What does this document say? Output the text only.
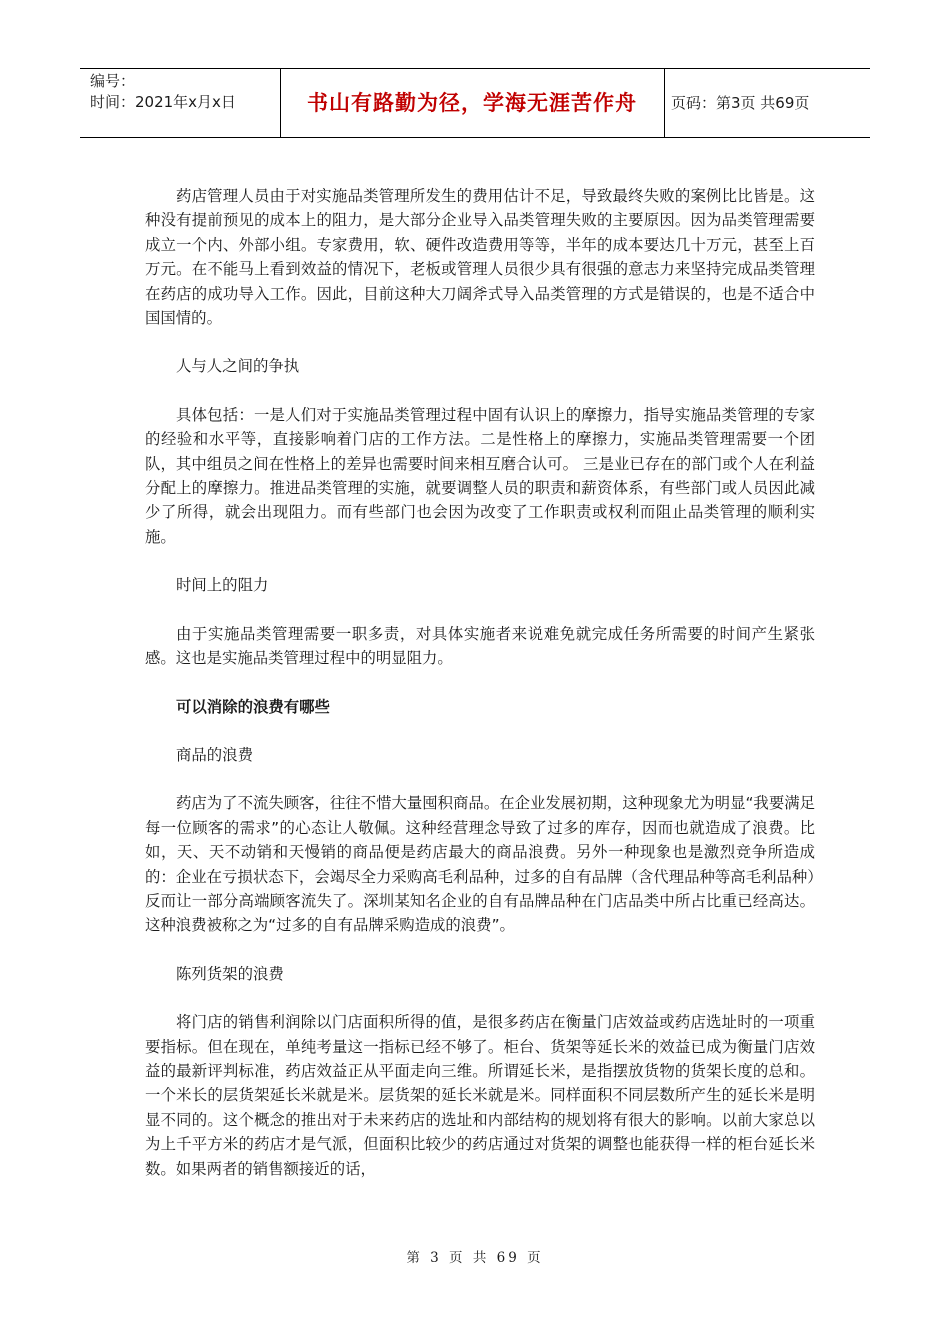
编号：
时间：2021年x月x日	书山有路勤为径，学海无涯苦作舟	页码：第3页 共69页

药店管理人员由于对实施品类管理所发生的费用估计不足，导致最终失败的案例比比皆是。这种没有提前预见的成本上的阻力，是大部分企业导入品类管理失败的主要原因。因为品类管理需要成立一个内、外部小组。专家费用，软、硬件改造费用等等，半年的成本要达几十万元，甚至上百万元。在不能马上看到效益的情况下，老板或管理人员很少具有很强的意志力来坚持完成品类管理在药店的成功导入工作。因此，目前这种大刀阔斧式导入品类管理的方式是错误的，也是不适合中国国情的。

人与人之间的争执

具体包括：一是人们对于实施品类管理过程中固有认识上的摩擦力，指导实施品类管理的专家的经验和水平等，直接影响着门店的工作方法。二是性格上的摩擦力，实施品类管理需要一个团队，其中组员之间在性格上的差异也需要时间来相互磨合认可。 三是业已存在的部门或个人在利益分配上的摩擦力。推进品类管理的实施，就要调整人员的职责和薪资体系，有些部门或人员因此减少了所得，就会出现阻力。而有些部门也会因为改变了工作职责或权利而阻止品类管理的顺利实施。

时间上的阻力

由于实施品类管理需要一职多责，对具体实施者来说难免就完成任务所需要的时间产生紧张感。这也是实施品类管理过程中的明显阻力。

可以消除的浪费有哪些

商品的浪费

药店为了不流失顾客，往往不惜大量囤积商品。在企业发展初期，这种现象尤为明显“我要满足每一位顾客的需求”的心态让人敬佩。这种经营理念导致了过多的库存，因而也就造成了浪费。比如，天、天不动销和天慢销的商品便是药店最大的商品浪费。另外一种现象也是激烈竞争所造成的：企业在亏损状态下，会竭尽全力采购高毛利品种，过多的自有品牌（含代理品种等高毛利品种）反而让一部分高端顾客流失了。深圳某知名企业的自有品牌品种在门店品类中所占比重已经高达。这种浪费被称之为“过多的自有品牌采购造成的浪费”。

陈列货架的浪费

将门店的销售利润除以门店面积所得的值，是很多药店在衡量门店效益或药店选址时的一项重要指标。但在现在，单纯考量这一指标已经不够了。柜台、货架等延长米的效益已成为衡量门店效益的最新评判标准，药店效益正从平面走向三维。所谓延长米，是指摆放货物的货架长度的总和。一个米长的层货架延长米就是米。层货架的延长米就是米。同样面积不同层数所产生的延长米是明显不同的。这个概念的推出对于未来药店的选址和内部结构的规划将有很大的影响。以前大家总以为上千平方米的药店才是气派，但面积比较少的药店通过对货架的调整也能获得一样的柜台延长米数。如果两者的销售额接近的话，

第 3 页 共 69 页
